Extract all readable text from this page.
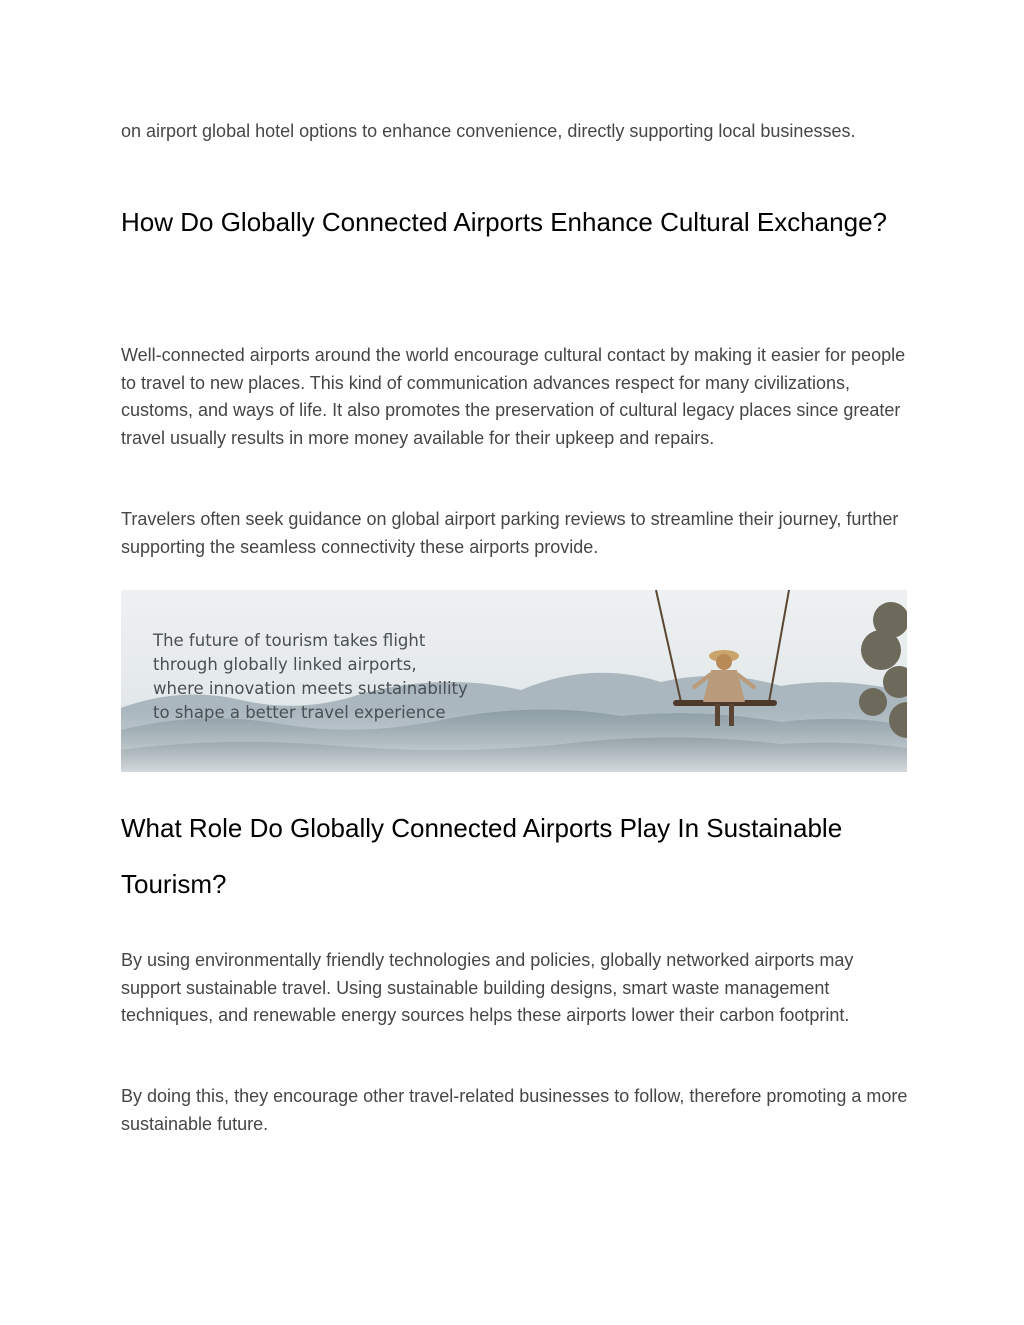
on airport global hotel options to enhance convenience, directly supporting local businesses.

How Do Globally Connected Airports Enhance Cultural Exchange?

Well-connected airports around the world encourage cultural contact by making it easier for people to travel to new places. This kind of communication advances respect for many civilizations, customs, and ways of life. It also promotes the preservation of cultural legacy places since greater travel usually results in more money available for their upkeep and repairs.

Travelers often seek guidance on global airport parking reviews to streamline their journey, further supporting the seamless connectivity these airports provide.

The future of tourism takes flight
through globally linked airports,
where innovation meets sustainability
to shape a better travel experience
What Role Do Globally Connected Airports Play In Sustainable Tourism?

By using environmentally friendly technologies and policies, globally networked airports may support sustainable travel. Using sustainable building designs, smart waste management techniques, and renewable energy sources helps these airports lower their carbon footprint.

By doing this, they encourage other travel-related businesses to follow, therefore promoting a more sustainable future.
